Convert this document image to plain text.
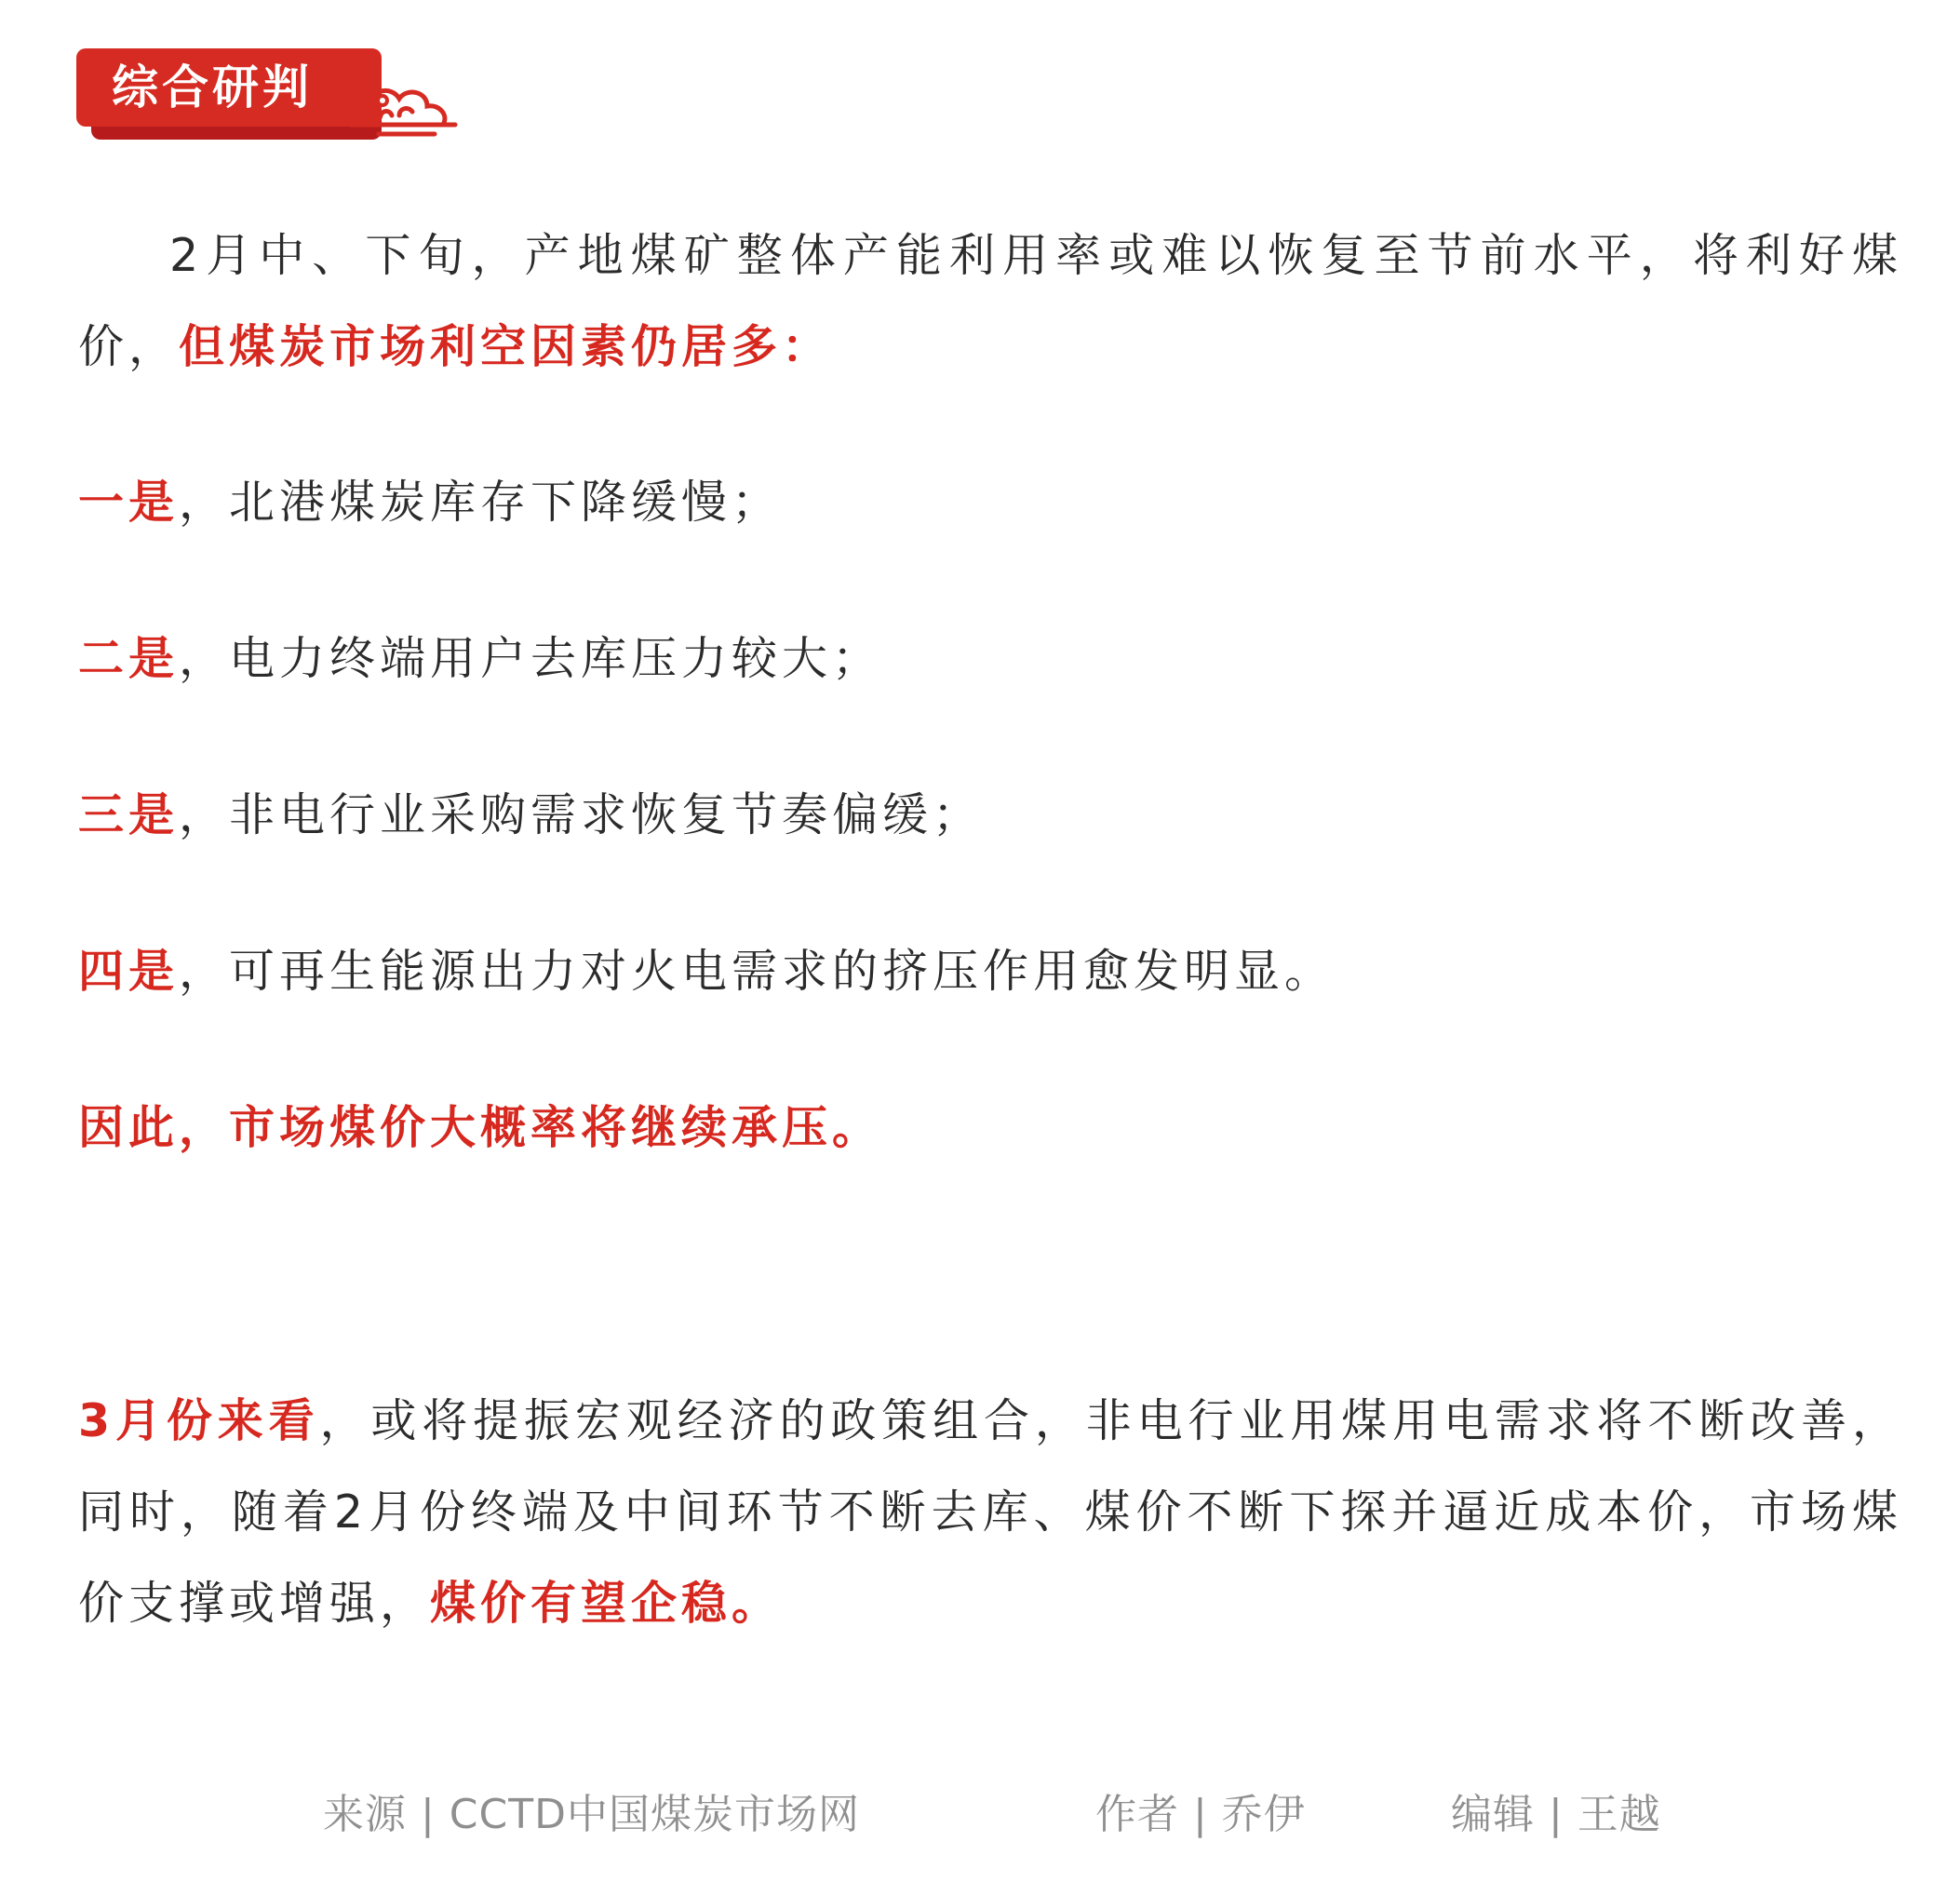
综合研判

2月中、下旬，产地煤矿整体产能利用率或难以恢复至节前水平，将利好煤价，但煤炭市场利空因素仍居多：

一是，北港煤炭库存下降缓慢；

二是，电力终端用户去库压力较大；

三是，非电行业采购需求恢复节奏偏缓；

四是，可再生能源出力对火电需求的挤压作用愈发明显。

因此，市场煤价大概率将继续承压。

3月份来看，或将提振宏观经济的政策组合，非电行业用煤用电需求将不断改善，同时，随着2月份终端及中间环节不断去库、煤价不断下探并逼近成本价，市场煤价支撑或增强，煤价有望企稳。

来源 | CCTD中国煤炭市场网	作者 | 乔伊	编辑 | 王越
